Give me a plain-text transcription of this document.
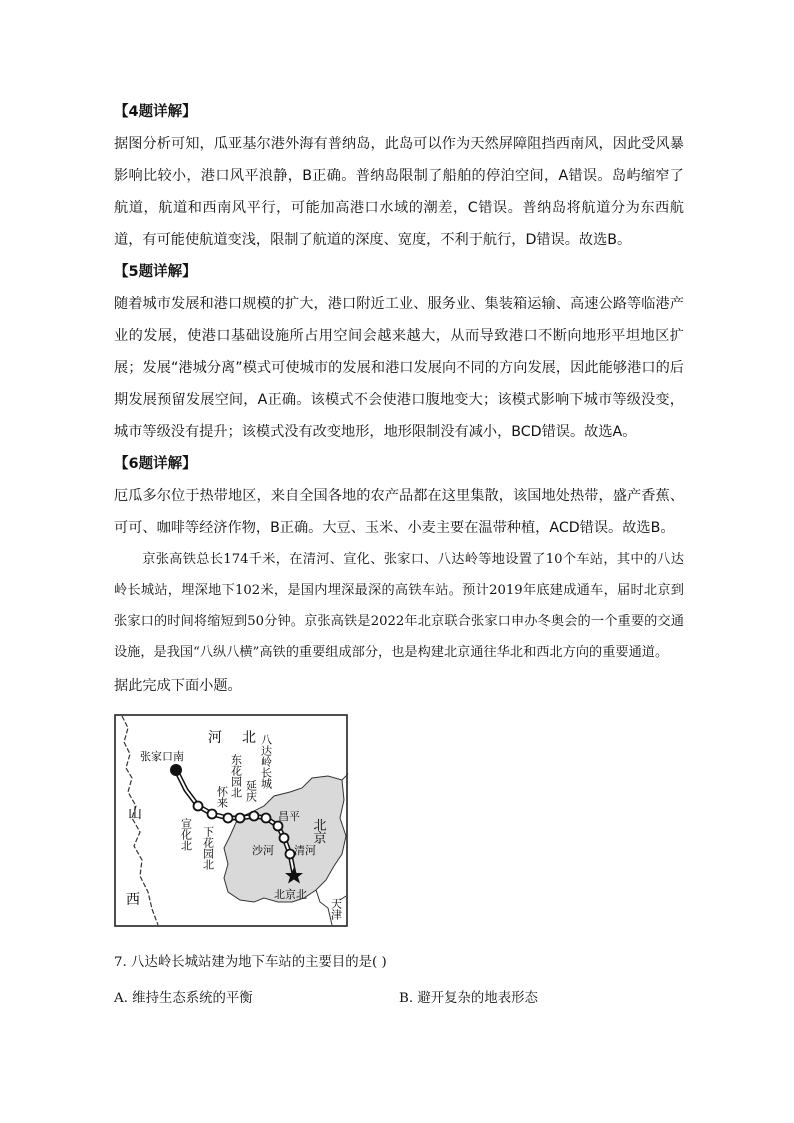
【4题详解】

据图分析可知，瓜亚基尔港外海有普纳岛，此岛可以作为天然屏障阻挡西南风，因此受风暴影响比较小，港口风平浪静，B正确。普纳岛限制了船舶的停泊空间，A错误。岛屿缩窄了航道，航道和西南风平行，可能加高港口水域的潮差，C错误。普纳岛将航道分为东西航道，有可能使航道变浅，限制了航道的深度、宽度，不利于航行，D错误。故选B。

【5题详解】

随着城市发展和港口规模的扩大，港口附近工业、服务业、集装箱运输、高速公路等临港产业的发展，使港口基础设施所占用空间会越来越大，从而导致港口不断向地形平坦地区扩展；发展“港城分离”模式可使城市的发展和港口发展向不同的方向发展，因此能够港口的后期发展预留发展空间，A正确。该模式不会使港口腹地变大；该模式影响下城市等级没变，城市等级没有提升；该模式没有改变地形，地形限制没有减小，BCD错误。故选A。

【6题详解】

厄瓜多尔位于热带地区，来自全国各地的农产品都在这里集散，该国地处热带，盛产香蕉、可可、咖啡等经济作物，B正确。大豆、玉米、小麦主要在温带种植，ACD错误。故选B。

京张高铁总长174千米，在清河、宣化、张家口、八达岭等地设置了10个车站，其中的八达岭长城站，埋深地下102米，是国内埋深最深的高铁车站。预计2019年底建成通车，届时北京到张家口的时间将缩短到50分钟。京张高铁是2022年北京联合张家口申办冬奥会的一个重要的交通设施，是我国“八纵八横”高铁的重要组成部分，也是构建北京通往华北和西北方向的重要通道。

据此完成下面小题。

河 北
山
西
北京
天津
张家口南
宣化北 下花园北
怀来 东花园北 延庆
八达岭长城
昌平
沙河 清河
北京北
7. 八达岭长城站建为地下车站的主要目的是( )
A. 维持生态系统的平衡	B. 避开复杂的地表形态
